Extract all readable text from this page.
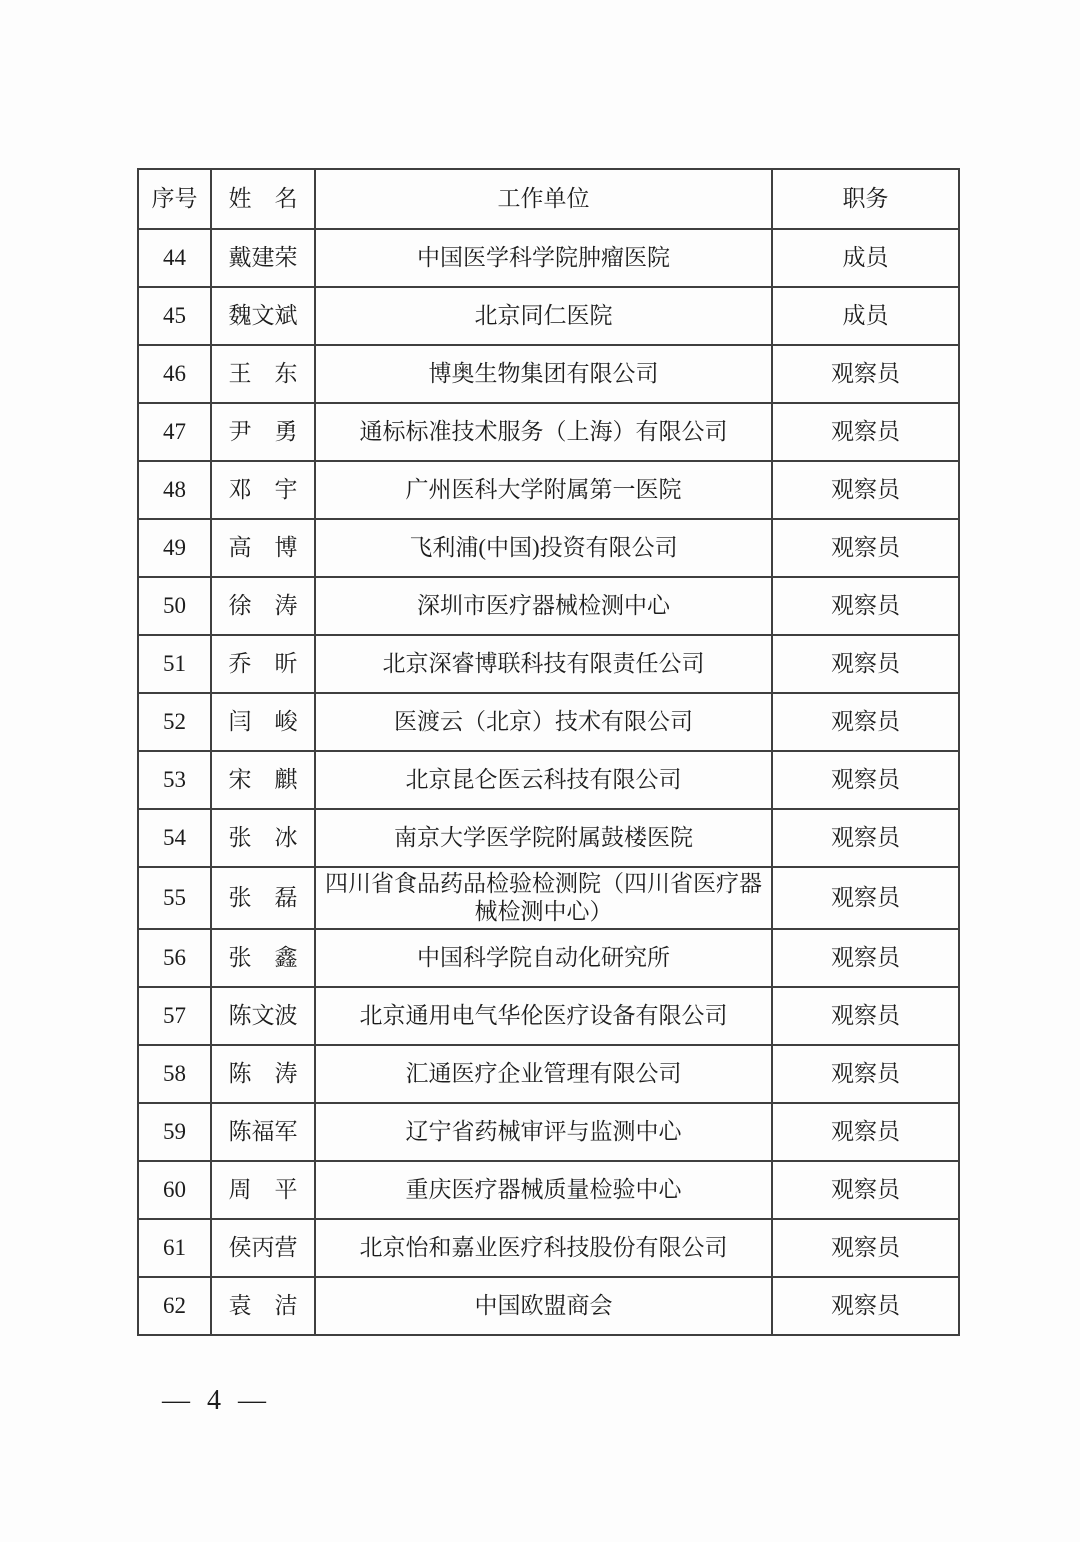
序号	姓　名	工作单位	职务
44	戴建荣	中国医学科学院肿瘤医院	成员
45	魏文斌	北京同仁医院	成员
46	王　东	博奥生物集团有限公司	观察员
47	尹　勇	通标标准技术服务（上海）有限公司	观察员
48	邓　宇	广州医科大学附属第一医院	观察员
49	高　博	飞利浦(中国)投资有限公司	观察员
50	徐　涛	深圳市医疗器械检测中心	观察员
51	乔　昕	北京深睿博联科技有限责任公司	观察员
52	闫　峻	医渡云（北京）技术有限公司	观察员
53	宋　麒	北京昆仑医云科技有限公司	观察员
54	张　冰	南京大学医学院附属鼓楼医院	观察员
55	张　磊	四川省食品药品检验检测院（四川省医疗器械检测中心）	观察员
56	张　鑫	中国科学院自动化研究所	观察员
57	陈文波	北京通用电气华伦医疗设备有限公司	观察员
58	陈　涛	汇通医疗企业管理有限公司	观察员
59	陈福军	辽宁省药械审评与监测中心	观察员
60	周　平	重庆医疗器械质量检验中心	观察员
61	侯丙营	北京怡和嘉业医疗科技股份有限公司	观察员
62	袁　洁	中国欧盟商会	观察员
— 4 —
